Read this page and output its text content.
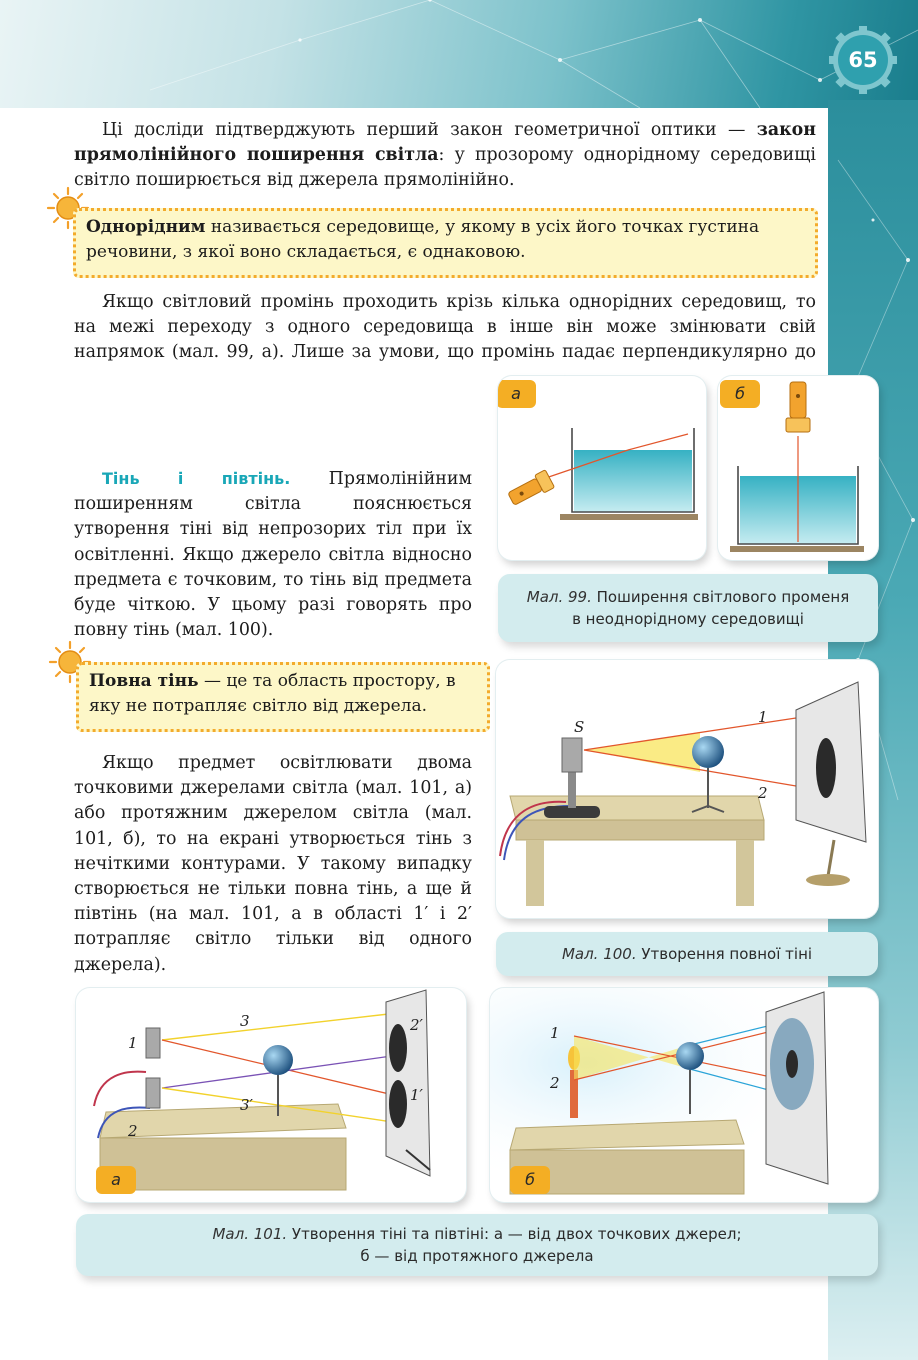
65
Ці досліди підтверджують перший закон геометричної оптики — закон прямолінійного поширення світла: у прозорому однорідному середовищі світло поширюється від джерела прямолінійно.
Однорідним називається середовище, у якому в усіх його точках густина речовини, з якої воно складається, є однаковою.
Якщо світловий промінь проходить крізь кілька однорідних середовищ, то на межі переходу з одного середовища в інше він може змінювати свій напрямок (мал. 99, а). Лише за умови, що промінь падає перпендикулярно до
Тінь і півтінь. Прямолінійним поширенням світла пояснюється утворення тіні від непрозорих тіл при їх освітленні. Якщо джерело світла відносно предмета є точковим, то тінь від предмета буде чіткою. У цьому разі говорять про повну тінь (мал. 100).
Повна тінь — це та область простору, в яку не потрапляє світло від джерела.
Якщо предмет освітлювати двома точковими джерелами світла (мал. 101, а) або протяжним джерелом світла (мал. 101, б), то на екрані утворюється тінь з нечіткими контурами. У такому випадку створюється не тільки повна тінь, а ще й півтінь (на мал. 101, а в області 1′ і 2′ потрапляє світло тільки від одного джерела).
а	б
Мал. 99. Поширення світлового променя
в неоднорідному середовищі
S
1
2
Мал. 100. Утворення повної тіні
1
2
3
3′
1′
2′
а
1
2
б
Мал. 101. Утворення тіні та півтіні: а — від двох точкових джерел;
б — від протяжного джерела
